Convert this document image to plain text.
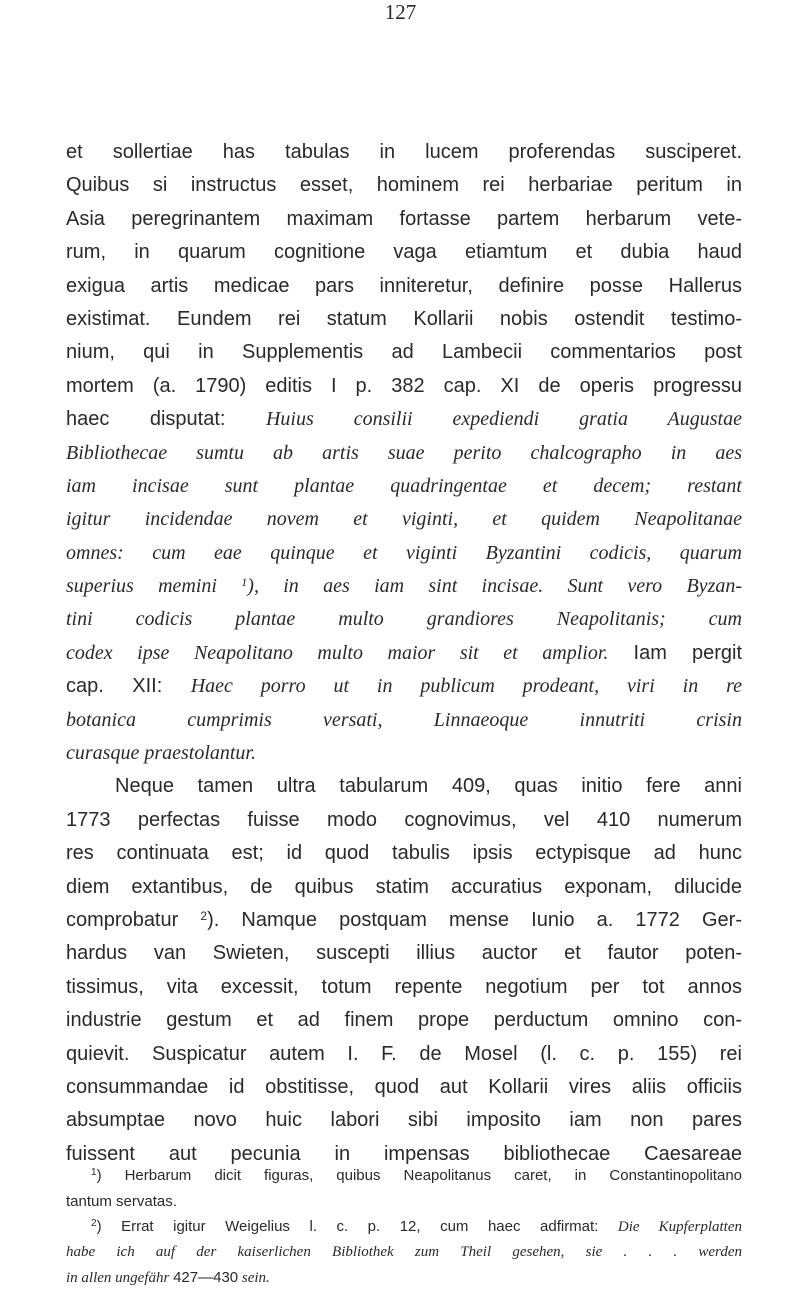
127
et sollertiae has tabulas in lucem proferendas susciperet.
Quibus si instructus esset, hominem rei herbariae peritum in
Asia peregrinantem maximam fortasse partem herbarum vete-
rum, in quarum cognitione vaga etiamtum et dubia haud
exigua artis medicae pars inniteretur, definire posse Hallerus
existimat. Eundem rei statum Kollarii nobis ostendit testimo-
nium, qui in Supplementis ad Lambecii commentarios post
mortem (a. 1790) editis I p. 382 cap. XI de operis progressu
haec disputat: Huius consilii expediendi gratia Augustae
Bibliothecae sumtu ab artis suae perito chalcographo in aes
iam incisae sunt plantae quadringentae et decem; restant
igitur incidendae novem et viginti, et quidem Neapolitanae
omnes: cum eae quinque et viginti Byzantini codicis, quarum
superius memini $^1$), in aes iam sint incisae. Sunt vero Byzan-
tini codicis plantae multo grandiores Neapolitanis; cum
codex ipse Neapolitano multo maior sit et amplior. Iam pergit
cap. XII: Haec porro ut in publicum prodeant, viri in re
botanica cumprimis versati, Linnaeoque innutriti crisin
curasque praestolantur.
Neque tamen ultra tabularum 409, quas initio fere anni
1773 perfectas fuisse modo cognovimus, vel 410 numerum
res continuata est; id quod tabulis ipsis ectypisque ad hunc
diem extantibus, de quibus statim accuratius exponam, dilucide
comprobatur $^2$). Namque postquam mense Iunio a. 1772 Ger-
hardus van Swieten, suscepti illius auctor et fautor poten-
tissimus, vita excessit, totum repente negotium per tot annos
industrie gestum et ad finem prope perductum omnino con-
quievit. Suspicatur autem I. F. de Mosel (l. c. p. 155) rei
consummandae id obstitisse, quod aut Kollarii vires aliis officiis
absumptae novo huic labori sibi imposito iam non pares
fuissent aut pecunia in impensas bibliothecae Caesareae
$^1$) Herbarum dicit figuras, quibus Neapolitanus caret, in Constantinopolitano
tantum servatas.
$^2$) Errat igitur Weigelius l. c. p. 12, cum haec adfirmat: Die Kupferplatten
habe ich auf der kaiserlichen Bibliothek zum Theil gesehen, sie . . . werden
in allen ungefähr 427—430 sein.
